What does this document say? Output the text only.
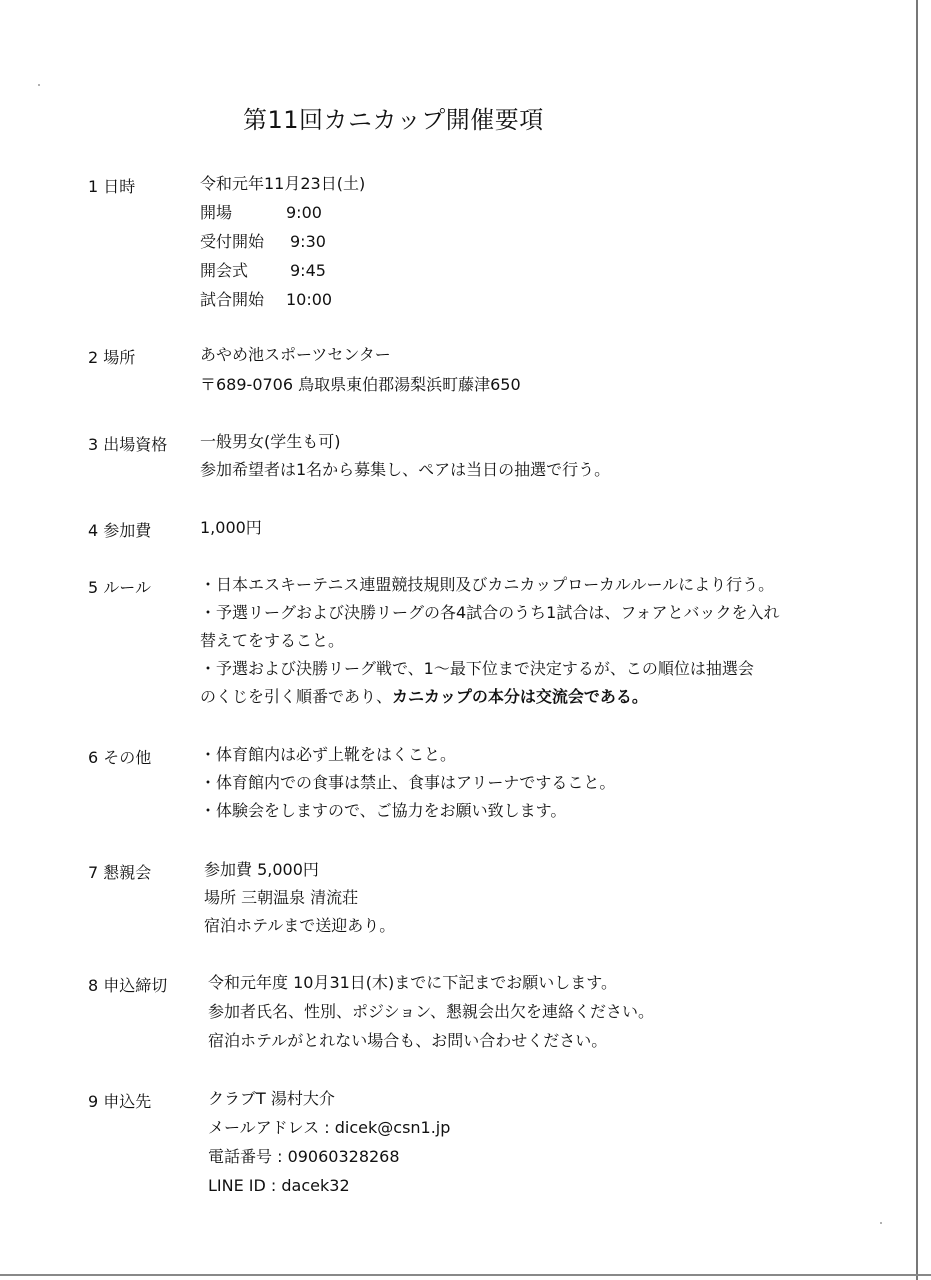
第11回カニカップ開催要項
1 日時	令和元年11月23日(土)
開場	9:00
受付開始 9:30
開会式	9:45
試合開始 10:00
2 場所	あやめ池スポーツセンター
〒689-0706 鳥取県東伯郡湯梨浜町藤津650
3 出場資格 一般男女(学生も可)
参加希望者は1名から募集し、ペアは当日の抽選で行う。
4 参加費	1,000円
5 ルール	・日本エスキーテニス連盟競技規則及びカニカップローカルルールにより行う。
・予選リーグおよび決勝リーグの各4試合のうち1試合は、フォアとバックを入れ
替えてをすること。
・予選および決勝リーグ戦で、1～最下位まで決定するが、この順位は抽選会
のくじを引く順番であり、カニカップの本分は交流会である。
6 その他	・体育館内は必ず上靴をはくこと。
・体育館内での食事は禁止、食事はアリーナですること。
・体験会をしますので、ご協力をお願い致します。
7 懇親会	参加費 5,000円
場所 三朝温泉 清流荘
宿泊ホテルまで送迎あり。
8 申込締切	令和元年度 10月31日(木)までに下記までお願いします。
参加者氏名、性別、ポジション、懇親会出欠を連絡ください。
宿泊ホテルがとれない場合も、お問い合わせください。
9 申込先	クラブT 湯村大介
メールアドレス : dicek@csn1.jp
電話番号 : 09060328268
LINE ID : dacek32
